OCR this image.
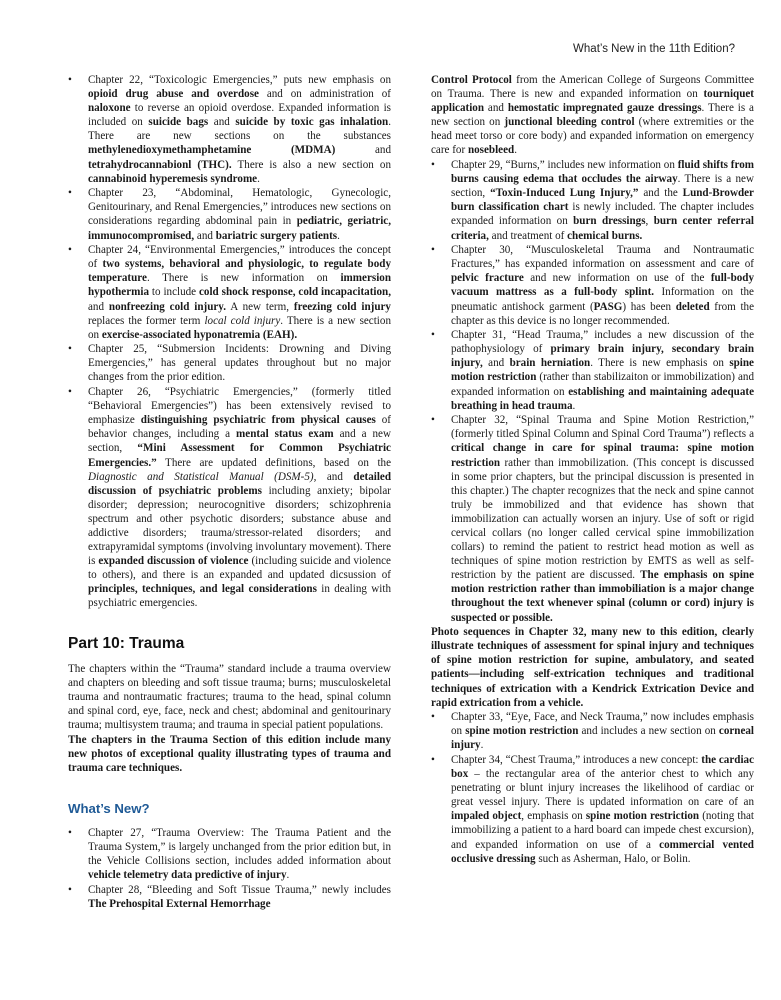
What’s New in the 11th Edition?

• Chapter 22, “Toxicologic Emergencies,” puts new emphasis on opioid drug abuse and overdose and on administration of naloxone to reverse an opioid overdose. Expanded information is included on suicide bags and suicide by toxic gas inhalation. There are new sections on the substances methylenedioxymethamphetamine (MDMA) and tetrahydrocannabionl (THC). There is also a new section on cannabinoid hyperemesis syndrome.

• Chapter 23, “Abdominal, Hematologic, Gynecologic, Genitourinary, and Renal Emergencies,” introduces new sections on considerations regarding abdominal pain in pediatric, geriatric, immunocompromised, and bariatric surgery patients.

• Chapter 24, “Environmental Emergencies,” introduces the concept of two systems, behavioral and physiologic, to regulate body temperature. There is new information on immersion hypothermia to include cold shock response, cold incapacitation, and nonfreezing cold injury. A new term, freezing cold injury replaces the former term local cold injury. There is a new section on exercise-associated hyponatremia (EAH).

• Chapter 25, “Submersion Incidents: Drowning and Diving Emergencies,” has general updates throughout but no major changes from the prior edition.

• Chapter 26, “Psychiatric Emergencies,” (formerly titled “Behavioral Emergencies”) has been extensively revised to emphasize distinguishing psychiatric from physical causes of behavior changes, including a mental status exam and a new section, “Mini Assessment for Common Psychiatric Emergencies.” There are updated definitions, based on the Diagnostic and Statistical Manual (DSM-5), and detailed discussion of psychiatric problems including anxiety; bipolar disorder; depression; neurocognitive disorders; schizophrenia spectrum and other psychotic disorders; substance abuse and addictive disorders; trauma/stressor-related disorders; and extrapyramidal symptoms (involving involuntary movement). There is expanded discussion of violence (including suicide and violence to others), and there is an expanded and updated dicsussion of principles, techniques, and legal considerations in dealing with psychiatric emergencies.

Part 10: Trauma

The chapters within the “Trauma” standard include a trauma overview and chapters on bleeding and soft tissue trauma; burns; musculoskeletal trauma and nontraumatic fractures; trauma to the head, spinal column and spinal cord, eye, face, neck and chest; abdominal and genitourinary trauma; multisystem trauma; and trauma in special patient populations.

The chapters in the Trauma Section of this edition include many new photos of exceptional quality illustrating types of trauma and trauma care techniques.

What’s New?

• Chapter 27, “Trauma Overview: The Trauma Patient and the Trauma System,” is largely unchanged from the prior edition but, in the Vehicle Collisions section, includes added information about vehicle telemetry data predictive of injury.

• Chapter 28, “Bleeding and Soft Tissue Trauma,” newly includes The Prehospital External Hemorrhage

Control Protocol from the American College of Surgeons Committee on Trauma. There is new and expanded information on tourniquet application and hemostatic impregnated gauze dressings. There is a new section on junctional bleeding control (where extremities or the head meet torso or core body) and expanded information on emergency care for nosebleed.

• Chapter 29, “Burns,” includes new information on fluid shifts from burns causing edema that occludes the airway. There is a new section, “Toxin-Induced Lung Injury,” and the Lund-Browder burn classification chart is newly included. The chapter includes expanded information on burn dressings, burn center referral criteria, and treatment of chemical burns.

• Chapter 30, “Musculoskeletal Trauma and Nontraumatic Fractures,” has expanded information on assessment and care of pelvic fracture and new information on use of the full-body vacuum mattress as a full-body splint. Information on the pneumatic antishock garment (PASG) has been deleted from the chapter as this device is no longer recommended.

• Chapter 31, “Head Trauma,” includes a new discussion of the pathophysiology of primary brain injury, secondary brain injury, and brain herniation. There is new emphasis on spine motion restriction (rather than stabilizaiton or immobilization) and expanded information on establishing and maintaining adequate breathing in head trauma.

• Chapter 32, “Spinal Trauma and Spine Motion Restriction,” (formerly titled Spinal Column and Spinal Cord Trauma”) reflects a critical change in care for spinal trauma: spine motion restriction rather than immobilization. (This concept is discussed in some prior chapters, but the principal discussion is presented in this chapter.) The chapter recognizes that the neck and spine cannot truly be immobilized and that evidence has shown that immobilization can actually worsen an injury. Use of soft or rigid cervical collars (no longer called cervical spine immobilization collars) to remind the patient to restrict head motion as well as techniques of spine motion restriction by EMTS as well as self-restriction by the patient are discussed. The emphasis on spine motion restriction rather than immobiliation is a major change throughout the text whenever spinal (column or cord) injury is suspected or possible.

Photo sequences in Chapter 32, many new to this edition, clearly illustrate techniques of assessment for spinal injury and techniques of spine motion restriction for supine, ambulatory, and seated patients—including self-extrication techniques and traditional techniques of extrication with a Kendrick Extrication Device and rapid extrication from a vehicle.

• Chapter 33, “Eye, Face, and Neck Trauma,” now includes emphasis on spine motion restriction and includes a new section on corneal injury.

• Chapter 34, “Chest Trauma,” introduces a new concept: the cardiac box – the rectangular area of the anterior chest to which any penetrating or blunt injury increases the likelihood of cardiac or great vessel injury. There is updated information on care of an impaled object, emphasis on spine motion restriction (noting that immobilizing a patient to a hard board can impede chest excursion), and expanded information on use of a commercial vented occlusive dressing such as Asherman, Halo, or Bolin.
